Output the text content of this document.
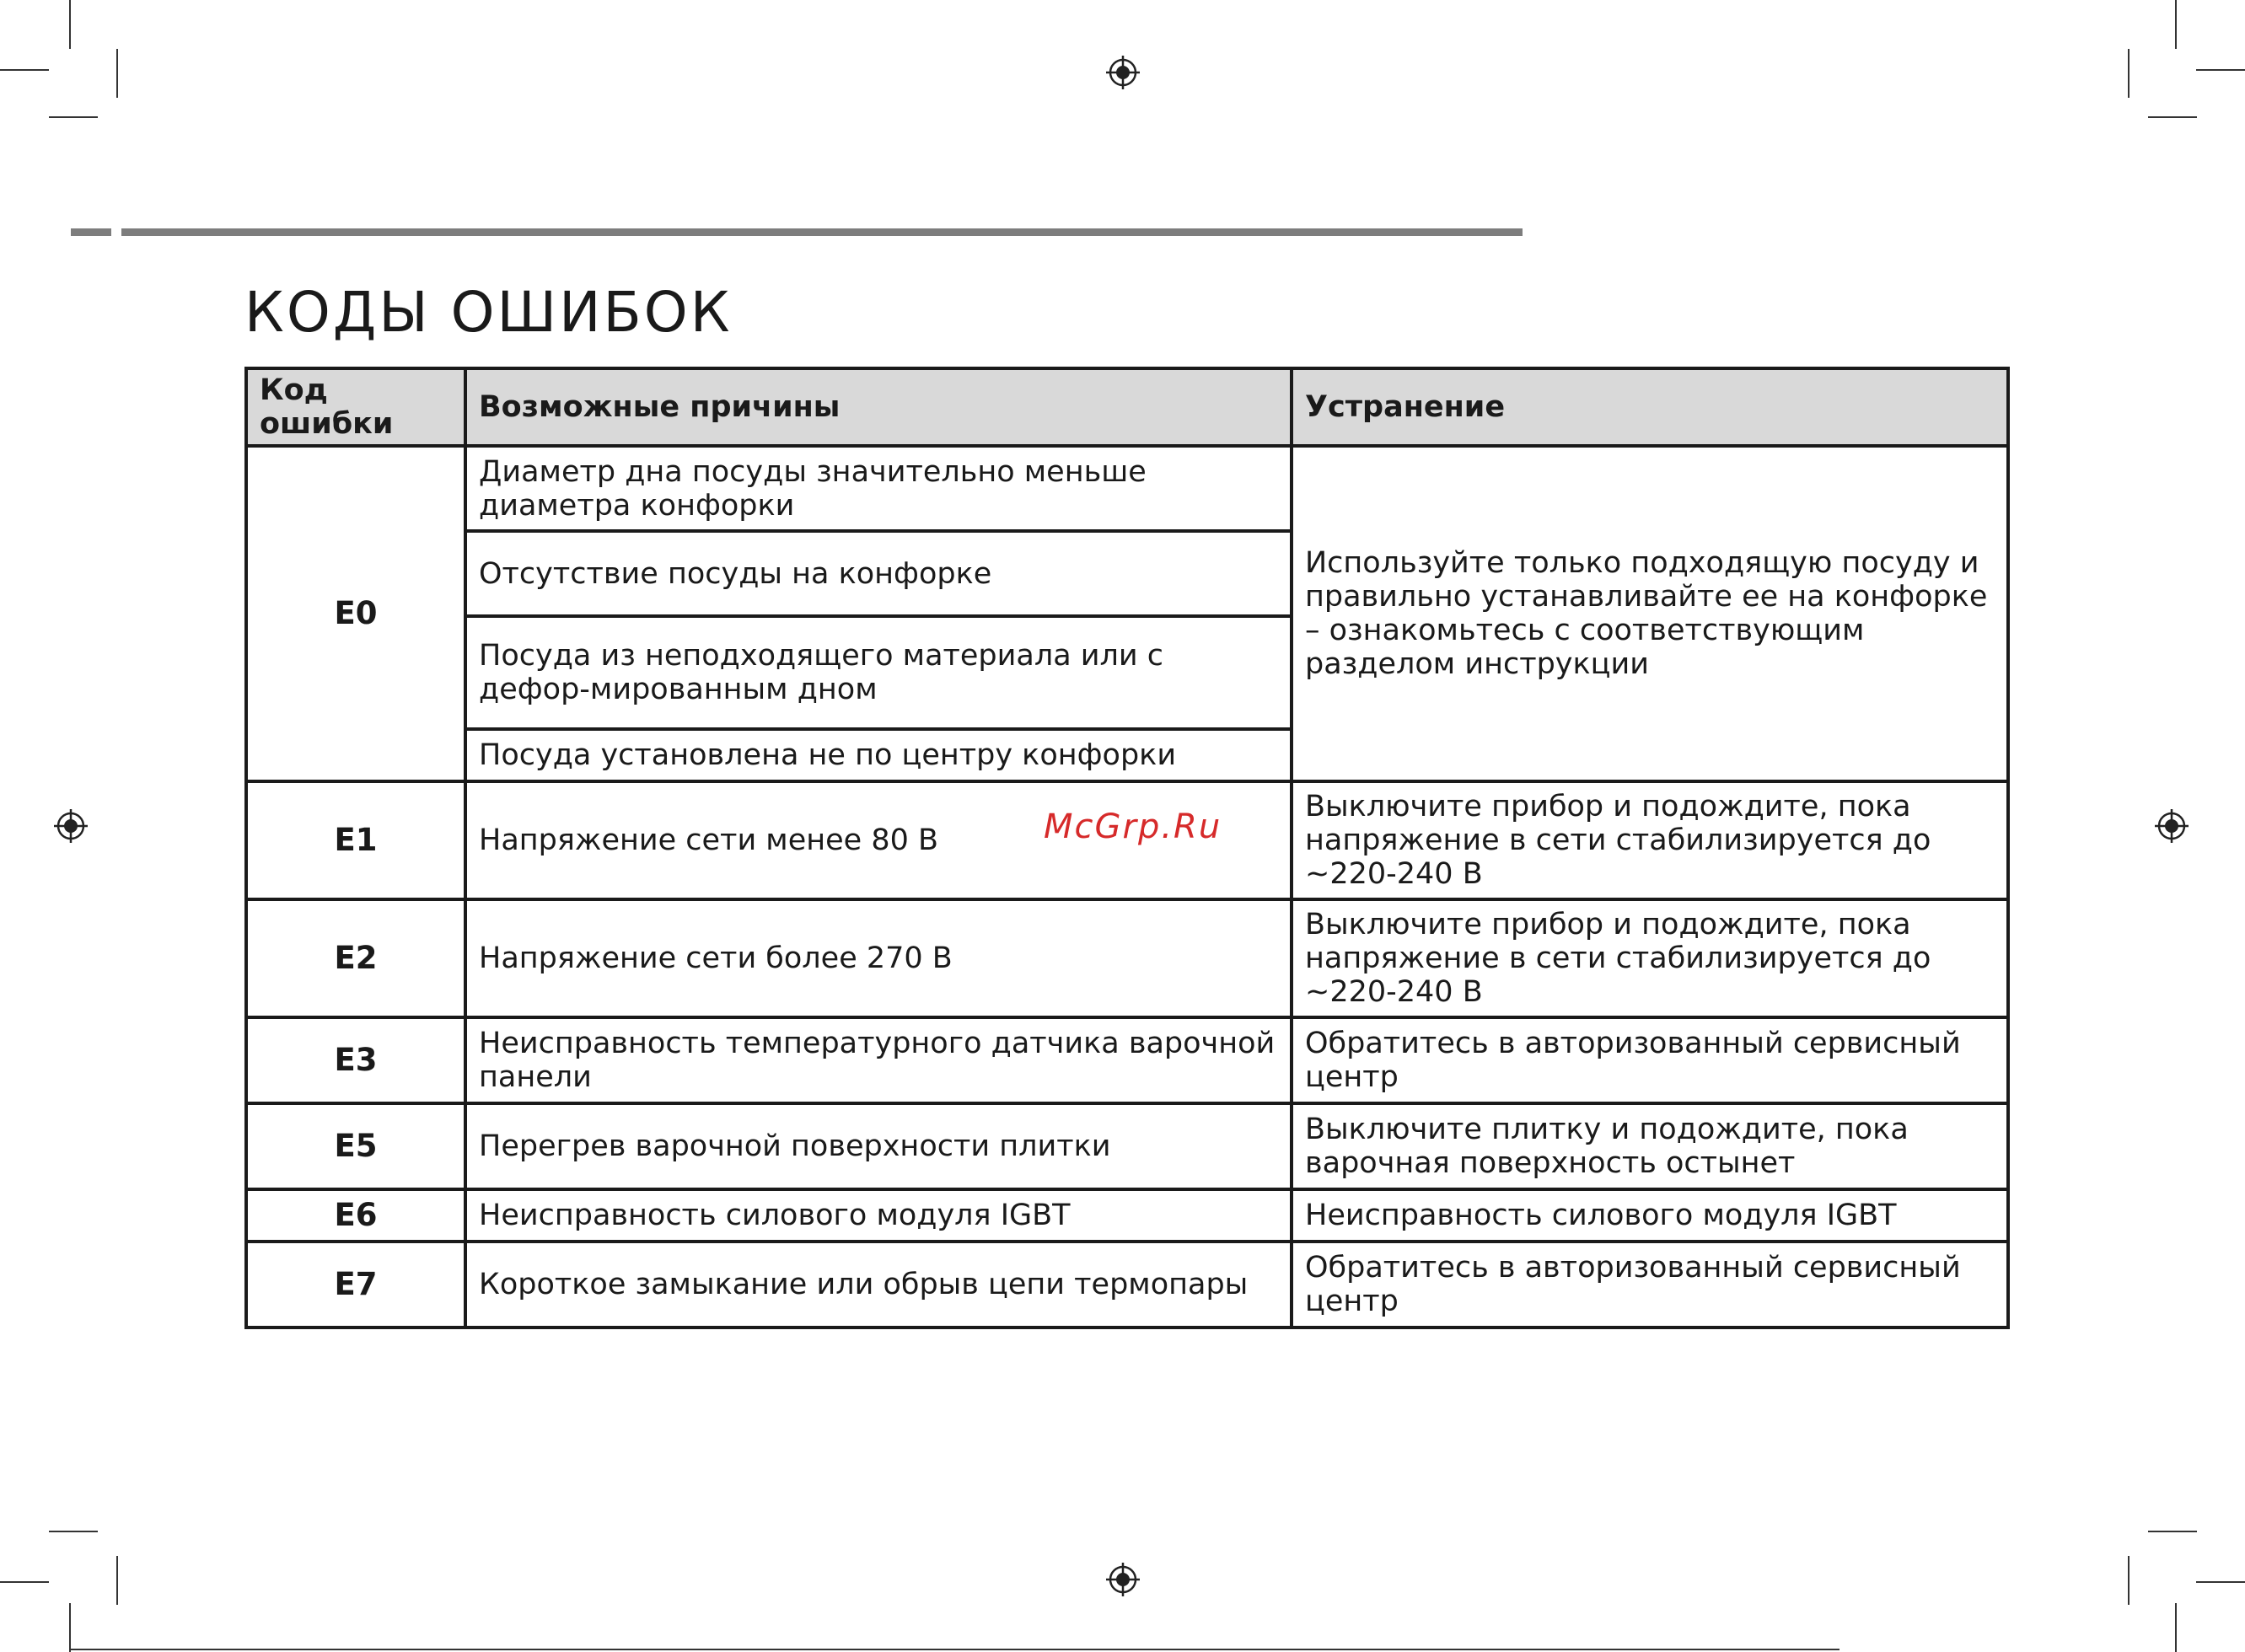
КОДЫ ОШИБОК
Код ошибки	Возможные причины	Устранение
E0	Диаметр дна посуды значительно меньше диаметра конфорки	Используйте только подходящую посуду и правильно устанавливайте ее на конфорке – ознакомьтесь с соответствующим разделом инструкции
	Отсутствие посуды на конфорке	
	Посуда из неподходящего материала или с дефор-мированным дном	
	Посуда установлена не по центру конфорки	
E1	Напряжение сети менее 80 В	Выключите прибор и подождите, пока напряжение в сети стабилизируется до ~220-240 В
E2	Напряжение сети более 270 В	Выключите прибор и подождите, пока напряжение в сети стабилизируется до ~220-240 В
E3	Неисправность температурного датчика варочной панели	Обратитесь в авторизованный сервисный центр
E5	Перегрев варочной поверхности плитки	Выключите плитку и подождите, пока варочная поверхность остынет
E6	Неисправность силового модуля IGBT	Неисправность силового модуля IGBT
E7	Короткое замыкание или обрыв цепи термопары	Обратитесь в авторизованный сервисный центр
McGrp.Ru
